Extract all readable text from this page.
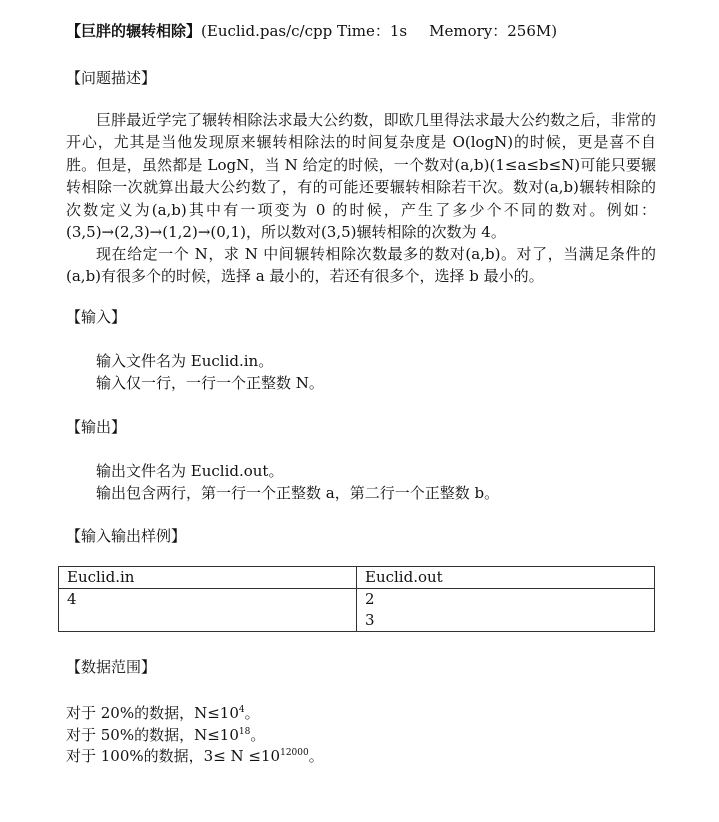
【巨胖的辗转相除】(Euclid.pas/c/cpp Time：1s Memory：256M)
【问题描述】

巨胖最近学完了辗转相除法求最大公约数，即欧几里得法求最大公约数之后，非常的开心，尤其是当他发现原来辗转相除法的时间复杂度是 O(logN)的时候，更是喜不自胜。但是，虽然都是 LogN，当 N 给定的时候，一个数对(a,b)(1≤a≤b≤N)可能只要辗转相除一次就算出最大公约数了，有的可能还要辗转相除若干次。数对(a,b)辗转相除的次数定义为(a,b)其中有一项变为 0 的时候，产生了多少个不同的数对。例如：(3,5)→(2,3)→(1,2)→(0,1)，所以数对(3,5)辗转相除的次数为 4。

现在给定一个 N，求 N 中间辗转相除次数最多的数对(a,b)。对了，当满足条件的(a,b)有很多个的时候，选择 a 最小的，若还有很多个，选择 b 最小的。

【输入】
输入文件名为 Euclid.in。
输入仅一行，一行一个正整数 N。
【输出】
输出文件名为 Euclid.out。
输出包含两行，第一行一个正整数 a，第二行一个正整数 b。
【输入输出样例】
Euclid.in	Euclid.out

4	2
3
【数据范围】
对于 20%的数据，$N\le 10^4$。
对于 50%的数据，$N\le 10^{18}$。
对于 100%的数据，$3\le N \le 10^{12000}$。
